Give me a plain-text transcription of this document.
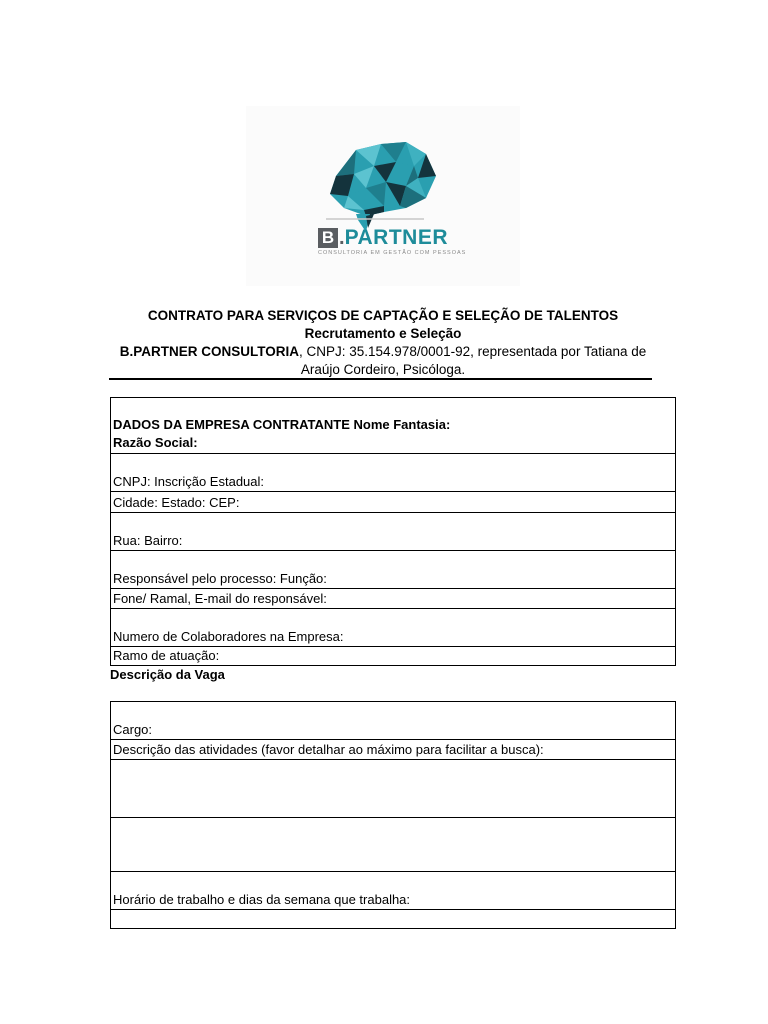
B . PARTNER
CONSULTORIA EM GESTÃO COM PESSOAS
CONTRATO PARA SERVIÇOS DE CAPTAÇÃO E SELEÇÃO DE TALENTOS Recrutamento e Seleção
B.PARTNER CONSULTORIA, CNPJ: 35.154.978/0001-92, representada por Tatiana de Araújo Cordeiro, Psicóloga.
DADOS DA EMPRESA CONTRATANTE Nome Fantasia:
Razão Social:
CNPJ: Inscrição Estadual:
Cidade: Estado: CEP:
Rua: Bairro:
Responsável pelo processo: Função:
Fone/ Ramal, E-mail do responsável:
Numero de Colaboradores na Empresa:
Ramo de atuação:
Descrição da Vaga
Cargo:
Descrição das atividades (favor detalhar ao máximo para facilitar a busca):
Horário de trabalho e dias da semana que trabalha:
